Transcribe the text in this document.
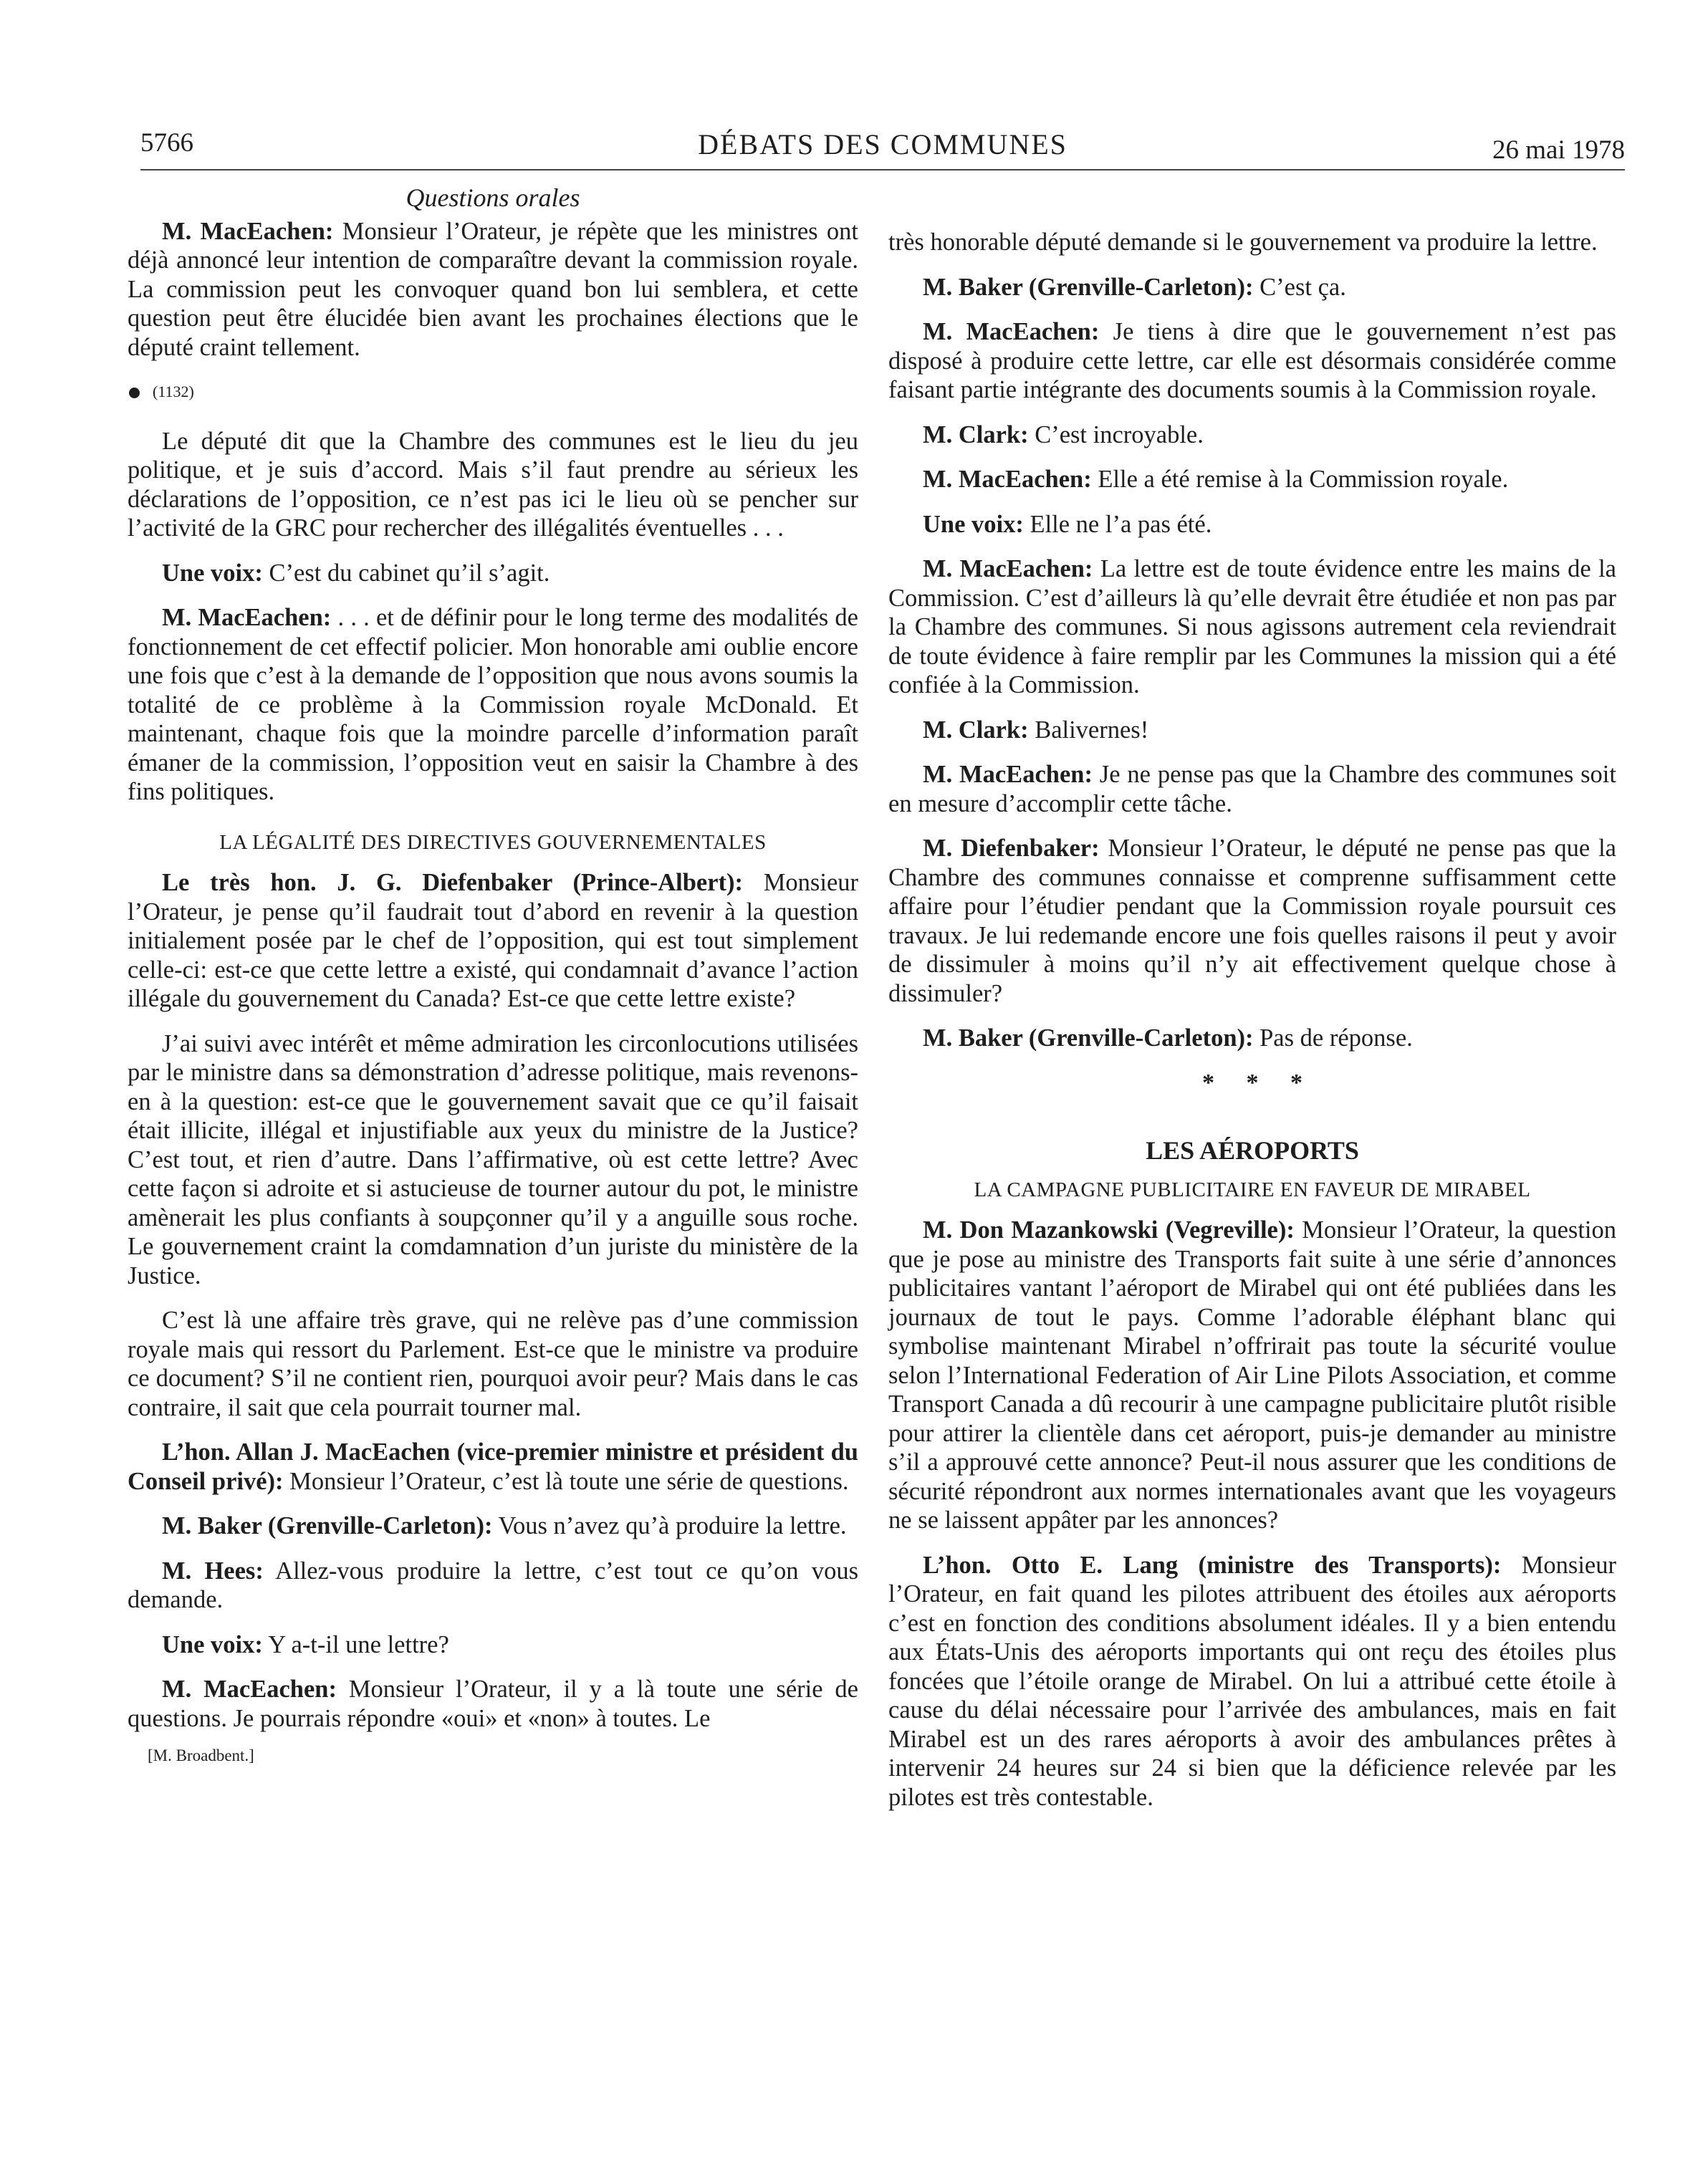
5766	DÉBATS DES COMMUNES	26 mai 1978
Questions orales

M. MacEachen: Monsieur l’Orateur, je répète que les ministres ont déjà annoncé leur intention de comparaître devant la commission royale. La commission peut les convoquer quand bon lui semblera, et cette question peut être élucidée bien avant les prochaines élections que le député craint tellement.

(1132)

Le député dit que la Chambre des communes est le lieu du jeu politique, et je suis d’accord. Mais s’il faut prendre au sérieux les déclarations de l’opposition, ce n’est pas ici le lieu où se pencher sur l’activité de la GRC pour rechercher des illégalités éventuelles . . .

Une voix: C’est du cabinet qu’il s’agit.

M. MacEachen: . . . et de définir pour le long terme des modalités de fonctionnement de cet effectif policier. Mon honorable ami oublie encore une fois que c’est à la demande de l’opposition que nous avons soumis la totalité de ce problème à la Commission royale McDonald. Et maintenant, chaque fois que la moindre parcelle d’information paraît émaner de la commission, l’opposition veut en saisir la Chambre à des fins politiques.

LA LÉGALITÉ DES DIRECTIVES GOUVERNEMENTALES

Le très hon. J. G. Diefenbaker (Prince-Albert): Monsieur l’Orateur, je pense qu’il faudrait tout d’abord en revenir à la question initialement posée par le chef de l’opposition, qui est tout simplement celle-ci: est-ce que cette lettre a existé, qui condamnait d’avance l’action illégale du gouvernement du Canada? Est-ce que cette lettre existe?

J’ai suivi avec intérêt et même admiration les circonlocutions utilisées par le ministre dans sa démonstration d’adresse politique, mais revenons-en à la question: est-ce que le gouvernement savait que ce qu’il faisait était illicite, illégal et injustifiable aux yeux du ministre de la Justice? C’est tout, et rien d’autre. Dans l’affirmative, où est cette lettre? Avec cette façon si adroite et si astucieuse de tourner autour du pot, le ministre amènerait les plus confiants à soupçonner qu’il y a anguille sous roche. Le gouvernement craint la comdamnation d’un juriste du ministère de la Justice.

C’est là une affaire très grave, qui ne relève pas d’une commission royale mais qui ressort du Parlement. Est-ce que le ministre va produire ce document? S’il ne contient rien, pourquoi avoir peur? Mais dans le cas contraire, il sait que cela pourrait tourner mal.

L’hon. Allan J. MacEachen (vice-premier ministre et président du Conseil privé): Monsieur l’Orateur, c’est là toute une série de questions.

M. Baker (Grenville-Carleton): Vous n’avez qu’à produire la lettre.

M. Hees: Allez-vous produire la lettre, c’est tout ce qu’on vous demande.

Une voix: Y a-t-il une lettre?

M. MacEachen: Monsieur l’Orateur, il y a là toute une série de questions. Je pourrais répondre «oui» et «non» à toutes. Le

[M. Broadbent.]

très honorable député demande si le gouvernement va produire la lettre.

M. Baker (Grenville-Carleton): C’est ça.

M. MacEachen: Je tiens à dire que le gouvernement n’est pas disposé à produire cette lettre, car elle est désormais considérée comme faisant partie intégrante des documents soumis à la Commission royale.

M. Clark: C’est incroyable.

M. MacEachen: Elle a été remise à la Commission royale.

Une voix: Elle ne l’a pas été.

M. MacEachen: La lettre est de toute évidence entre les mains de la Commission. C’est d’ailleurs là qu’elle devrait être étudiée et non pas par la Chambre des communes. Si nous agissons autrement cela reviendrait de toute évidence à faire remplir par les Communes la mission qui a été confiée à la Commission.

M. Clark: Balivernes!

M. MacEachen: Je ne pense pas que la Chambre des communes soit en mesure d’accomplir cette tâche.

M. Diefenbaker: Monsieur l’Orateur, le député ne pense pas que la Chambre des communes connaisse et comprenne suffisamment cette affaire pour l’étudier pendant que la Commission royale poursuit ces travaux. Je lui redemande encore une fois quelles raisons il peut y avoir de dissimuler à moins qu’il n’y ait effectivement quelque chose à dissimuler?

M. Baker (Grenville-Carleton): Pas de réponse.

* * *
LES AÉROPORTS
LA CAMPAGNE PUBLICITAIRE EN FAVEUR DE MIRABEL

M. Don Mazankowski (Vegreville): Monsieur l’Orateur, la question que je pose au ministre des Transports fait suite à une série d’annonces publicitaires vantant l’aéroport de Mirabel qui ont été publiées dans les journaux de tout le pays. Comme l’adorable éléphant blanc qui symbolise maintenant Mirabel n’offrirait pas toute la sécurité voulue selon l’International Federation of Air Line Pilots Association, et comme Transport Canada a dû recourir à une campagne publicitaire plutôt risible pour attirer la clientèle dans cet aéroport, puis-je demander au ministre s’il a approuvé cette annonce? Peut-il nous assurer que les conditions de sécurité répondront aux normes internationales avant que les voyageurs ne se laissent appâter par les annonces?

L’hon. Otto E. Lang (ministre des Transports): Monsieur l’Orateur, en fait quand les pilotes attribuent des étoiles aux aéroports c’est en fonction des conditions absolument idéales. Il y a bien entendu aux États-Unis des aéroports importants qui ont reçu des étoiles plus foncées que l’étoile orange de Mirabel. On lui a attribué cette étoile à cause du délai nécessaire pour l’arrivée des ambulances, mais en fait Mirabel est un des rares aéroports à avoir des ambulances prêtes à intervenir 24 heures sur 24 si bien que la déficience relevée par les pilotes est très contestable.
